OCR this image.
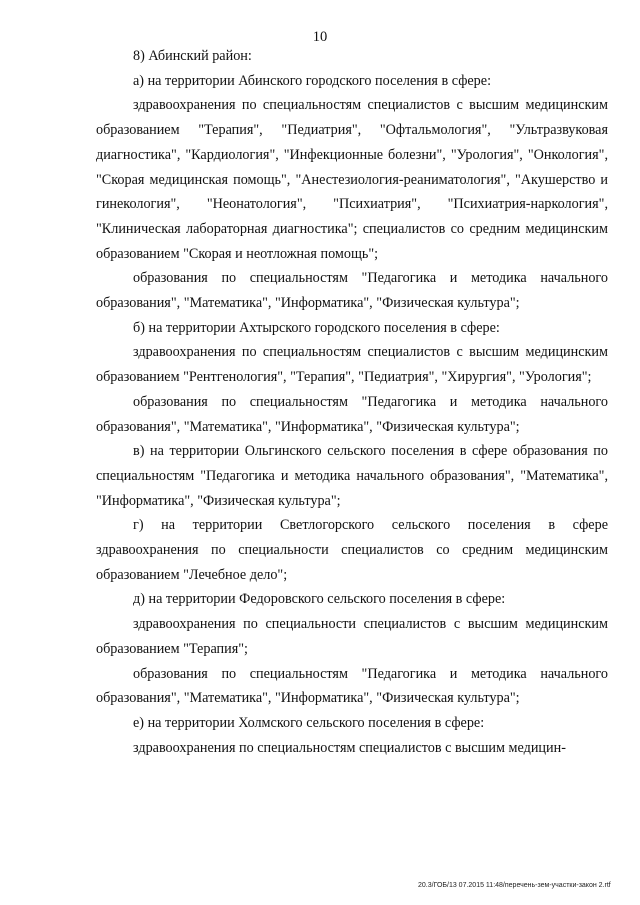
10

8) Абинский район:

а) на территории Абинского городского поселения в сфере:

здравоохранения по специальностям специалистов с высшим медицинским образованием "Терапия", "Педиатрия", "Офтальмология", "Ультразвуковая диагностика", "Кардиология", "Инфекционные болезни", "Урология", "Онкология", "Скорая медицинская помощь", "Анестезиология-реаниматология", "Акушерство и гинекология", "Неонатология", "Психиатрия", "Психиатрия-наркология", "Клиническая лабораторная диагностика"; специалистов со средним медицинским образованием "Скорая и неотложная помощь";

образования по специальностям "Педагогика и методика начального образования", "Математика", "Информатика", "Физическая культура";

б) на территории Ахтырского городского поселения в сфере:

здравоохранения по специальностям специалистов с высшим медицинским образованием "Рентгенология", "Терапия", "Педиатрия", "Хирургия", "Урология";

образования по специальностям "Педагогика и методика начального образования", "Математика", "Информатика", "Физическая культура";

в) на территории Ольгинского сельского поселения в сфере образования по специальностям "Педагогика и методика начального образования", "Математика", "Информатика", "Физическая культура";

г) на территории Светлогорского сельского поселения в сфере здравоохранения по специальности специалистов со средним медицинским образованием "Лечебное дело";

д) на территории Федоровского сельского поселения в сфере:

здравоохранения по специальности специалистов с высшим медицинским образованием "Терапия";

образования по специальностям "Педагогика и методика начального образования", "Математика", "Информатика", "Физическая культура";

е) на территории Холмского сельского поселения в сфере:

здравоохранения по специальностям специалистов с высшим медицин-

20.3/ГОБ/13 07.2015 11:48/перечень-зем-участки-закон 2.rtf
